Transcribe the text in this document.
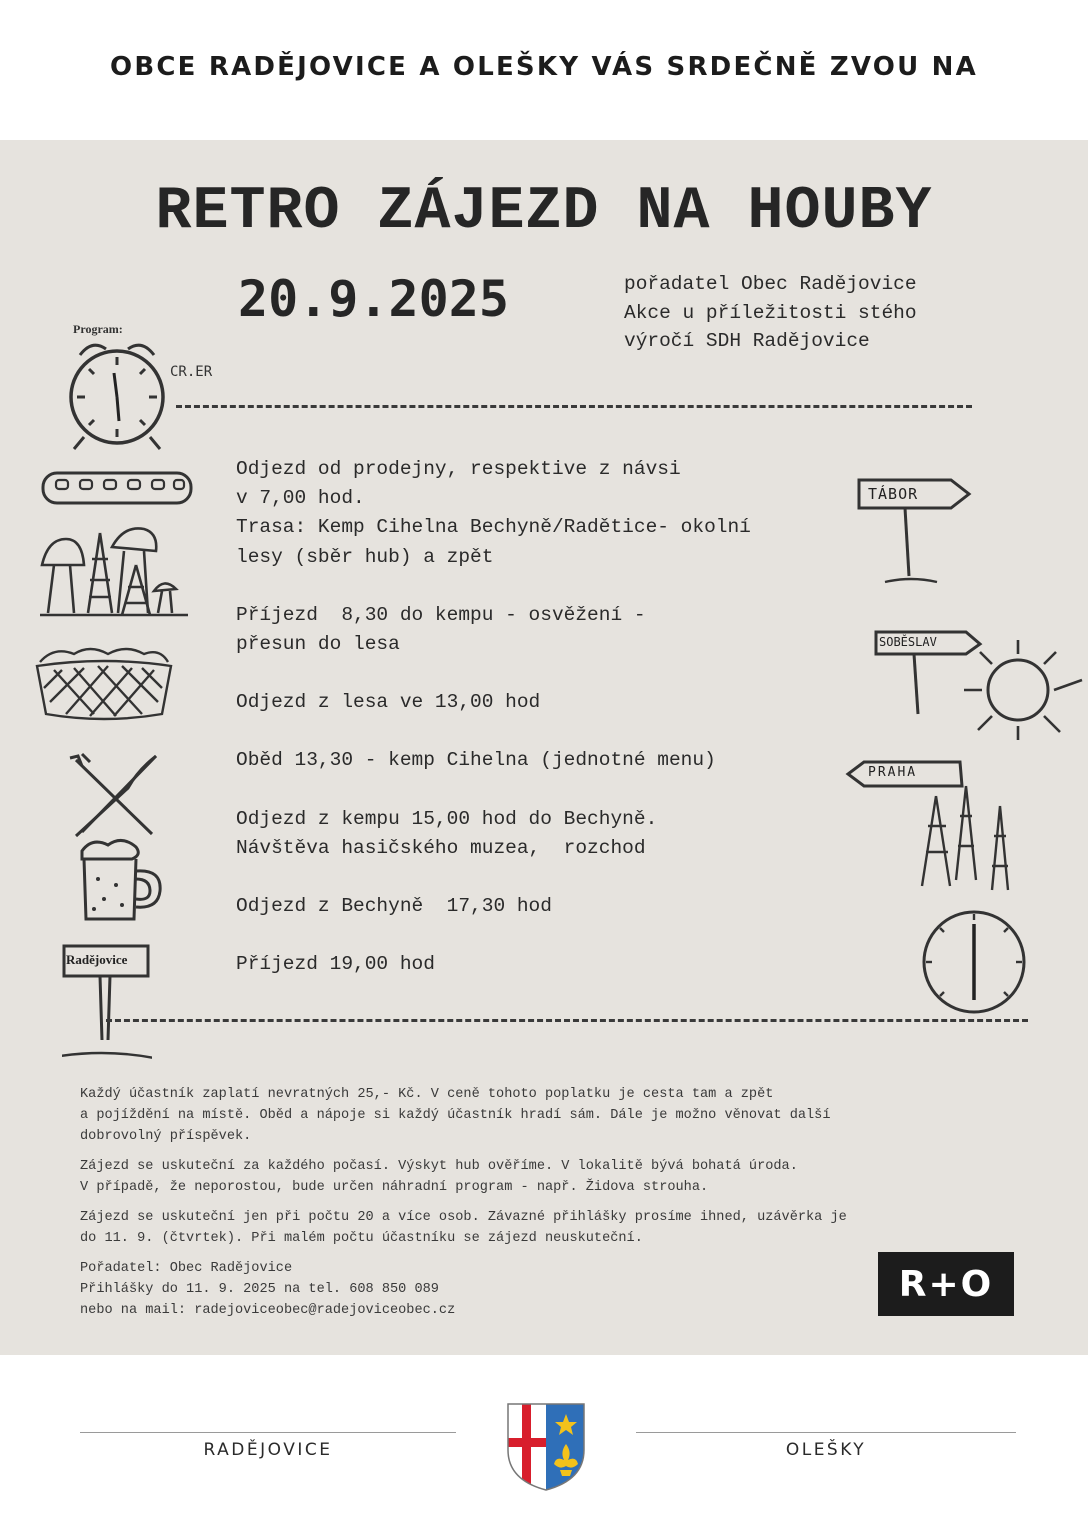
OBCE RADĚJOVICE A OLEŠKY VÁS SRDEČNĚ ZVOU NA
RETRO ZÁJEZD NA HOUBY
20.9.2025	pořadatel Obec Radějovice
Akce u příležitosti stého
výročí SDH Radějovice
Program:
CR.ER
Radějovice
TÁBOR
SOBĚSLAV
PRAHA
Odjezd od prodejny, respektive z návsi
v 7,00 hod.
Trasa: Kemp Cihelna Bechyně/Radětice- okolní
lesy (sběr hub) a zpět
Příjezd  8,30 do kempu - osvěžení -
přesun do lesa
Odjezd z lesa ve 13,00 hod
Oběd 13,30 - kemp Cihelna (jednotné menu)
Odjezd z kempu 15,00 hod do Bechyně.
Návštěva hasičského muzea,  rozchod
Odjezd z Bechyně  17,30 hod
Příjezd 19,00 hod

Každý účastník zaplatí nevratných 25,- Kč. V ceně tohoto poplatku je cesta tam a zpět
a pojíždění na místě. Oběd a nápoje si každý účastník hradí sám. Dále je možno věnovat další
dobrovolný příspěvek.

Zájezd se uskuteční za každého počasí. Výskyt hub ověříme. V lokalitě bývá bohatá úroda.
V případě, že neporostou, bude určen náhradní program - např. Židova strouha.

Zájezd se uskuteční jen při počtu 20 a více osob. Závazné přihlášky prosíme ihned, uzávěrka je
do 11. 9. (čtvrtek). Při malém počtu účastníku se zájezd neuskuteční.

Pořadatel: Obec Radějovice
Přihlášky do 11. 9. 2025 na tel. 608 850 089
nebo na mail: radejoviceobec@radejoviceobec.cz

R+O
RADĚJOVICE	OLEŠKY
